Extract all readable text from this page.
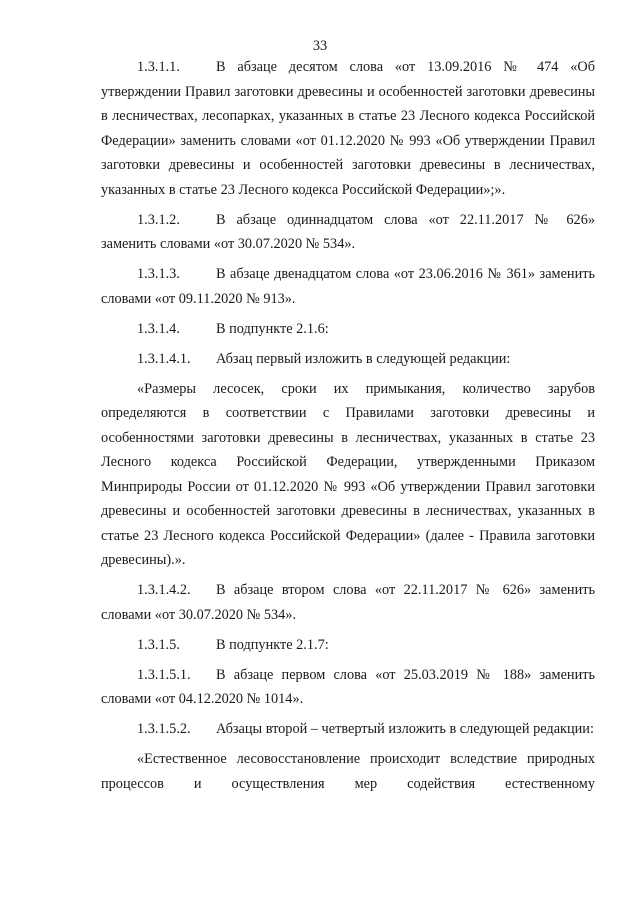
33

1.3.1.1.	В абзаце десятом слова «от 13.09.2016 № 474 «Об утверждении Правил заготовки древесины и особенностей заготовки древесины в лесничествах, лесопарках, указанных в статье 23 Лесного кодекса Российской Федерации» заменить словами «от 01.12.2020 № 993 «Об утверждении Правил заготовки древесины и особенностей заготовки древесины в лесничествах, указанных в статье 23 Лесного кодекса Российской Федерации»;».

1.3.1.2.	В абзаце одиннадцатом слова «от 22.11.2017 № 626» заменить словами «от 30.07.2020 № 534».

1.3.1.3.	В абзаце двенадцатом слова «от 23.06.2016 № 361» заменить словами «от 09.11.2020 № 913».

1.3.1.4.	В подпункте 2.1.6:

1.3.1.4.1. Абзац первый изложить в следующей редакции:

«Размеры лесосек, сроки их примыкания, количество зарубов определяются в соответствии с Правилами заготовки древесины и особенностями заготовки древесины в лесничествах, указанных в статье 23 Лесного кодекса Российской Федерации, утвержденными Приказом Минприроды России от 01.12.2020 № 993 «Об утверждении Правил заготовки древесины и особенностей заготовки древесины в лесничествах, указанных в статье 23 Лесного кодекса Российской Федерации» (далее - Правила заготовки древесины).».

1.3.1.4.2. В абзаце втором слова «от 22.11.2017 № 626» заменить словами «от 30.07.2020 № 534».

1.3.1.5.	В подпункте 2.1.7:

1.3.1.5.1. В абзаце первом слова «от 25.03.2019 № 188» заменить словами «от 04.12.2020 № 1014».

1.3.1.5.2. Абзацы второй – четвертый изложить в следующей редакции:

«Естественное лесовосстановление происходит вследствие природных процессов и осуществления мер содействия естественному
